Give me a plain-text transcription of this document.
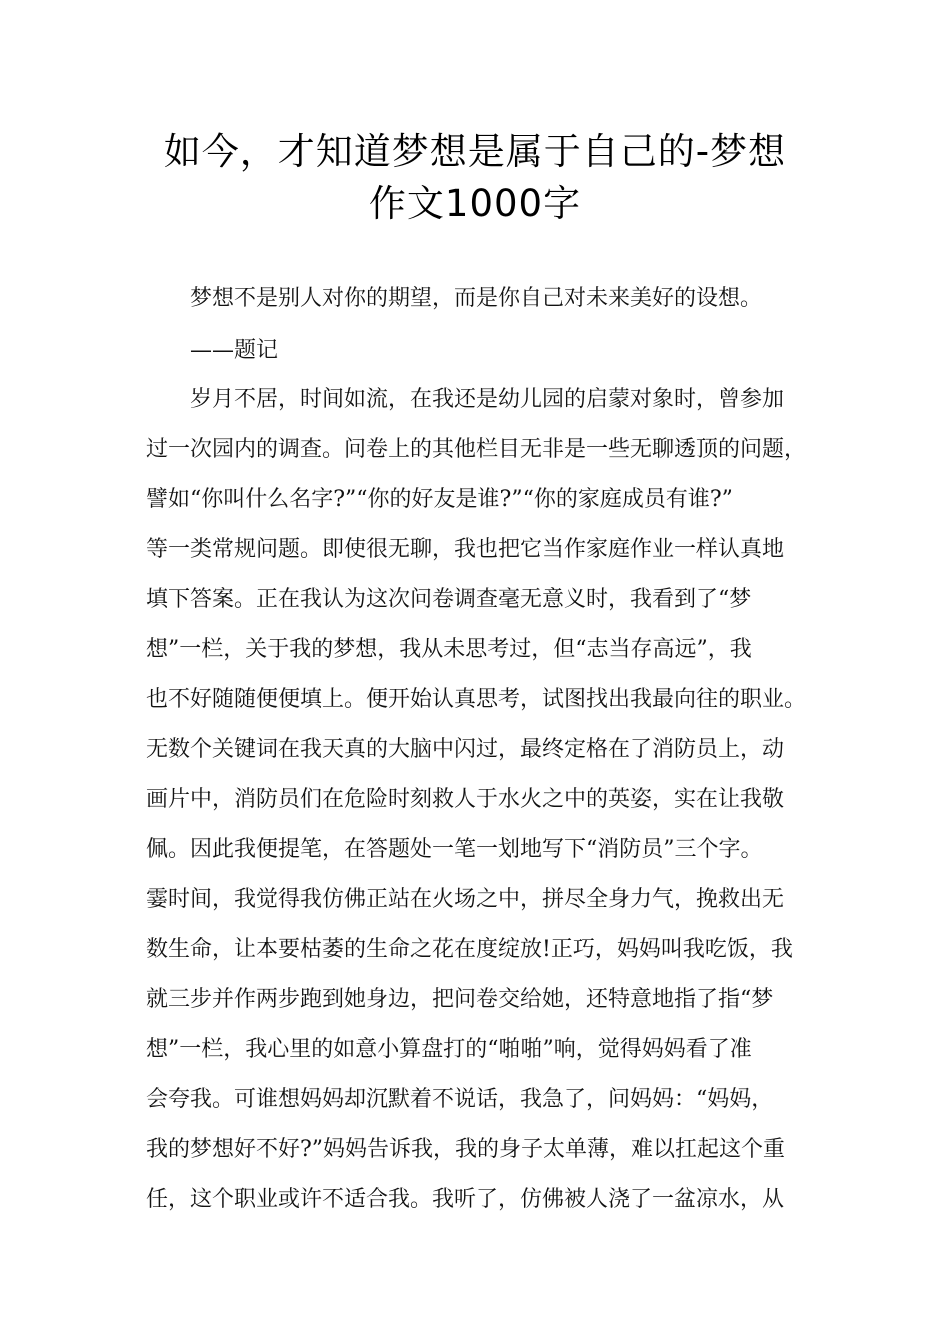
如今，才知道梦想是属于自己的-梦想
作文1000字
梦想不是别人对你的期望，而是你自己对未来美好的设想。
——题记
岁月不居，时间如流，在我还是幼儿园的启蒙对象时，曾参加
过一次园内的调查。问卷上的其他栏目无非是一些无聊透顶的问题，
譬如“你叫什么名字?”“你的好友是谁?”“你的家庭成员有谁?”
等一类常规问题。即使很无聊，我也把它当作家庭作业一样认真地
填下答案。正在我认为这次问卷调查毫无意义时，我看到了“梦
想”一栏，关于我的梦想，我从未思考过，但“志当存高远”，我
也不好随随便便填上。便开始认真思考，试图找出我最向往的职业。
无数个关键词在我天真的大脑中闪过，最终定格在了消防员上，动
画片中，消防员们在危险时刻救人于水火之中的英姿，实在让我敬
佩。因此我便提笔，在答题处一笔一划地写下“消防员”三个字。
霎时间，我觉得我仿佛正站在火场之中，拼尽全身力气，挽救出无
数生命，让本要枯萎的生命之花在度绽放!正巧，妈妈叫我吃饭，我
就三步并作两步跑到她身边，把问卷交给她，还特意地指了指“梦
想”一栏，我心里的如意小算盘打的“啪啪”响，觉得妈妈看了准
会夸我。可谁想妈妈却沉默着不说话，我急了，问妈妈：“妈妈，
我的梦想好不好?”妈妈告诉我，我的身子太单薄，难以扛起这个重
任，这个职业或许不适合我。我听了，仿佛被人浇了一盆凉水，从
